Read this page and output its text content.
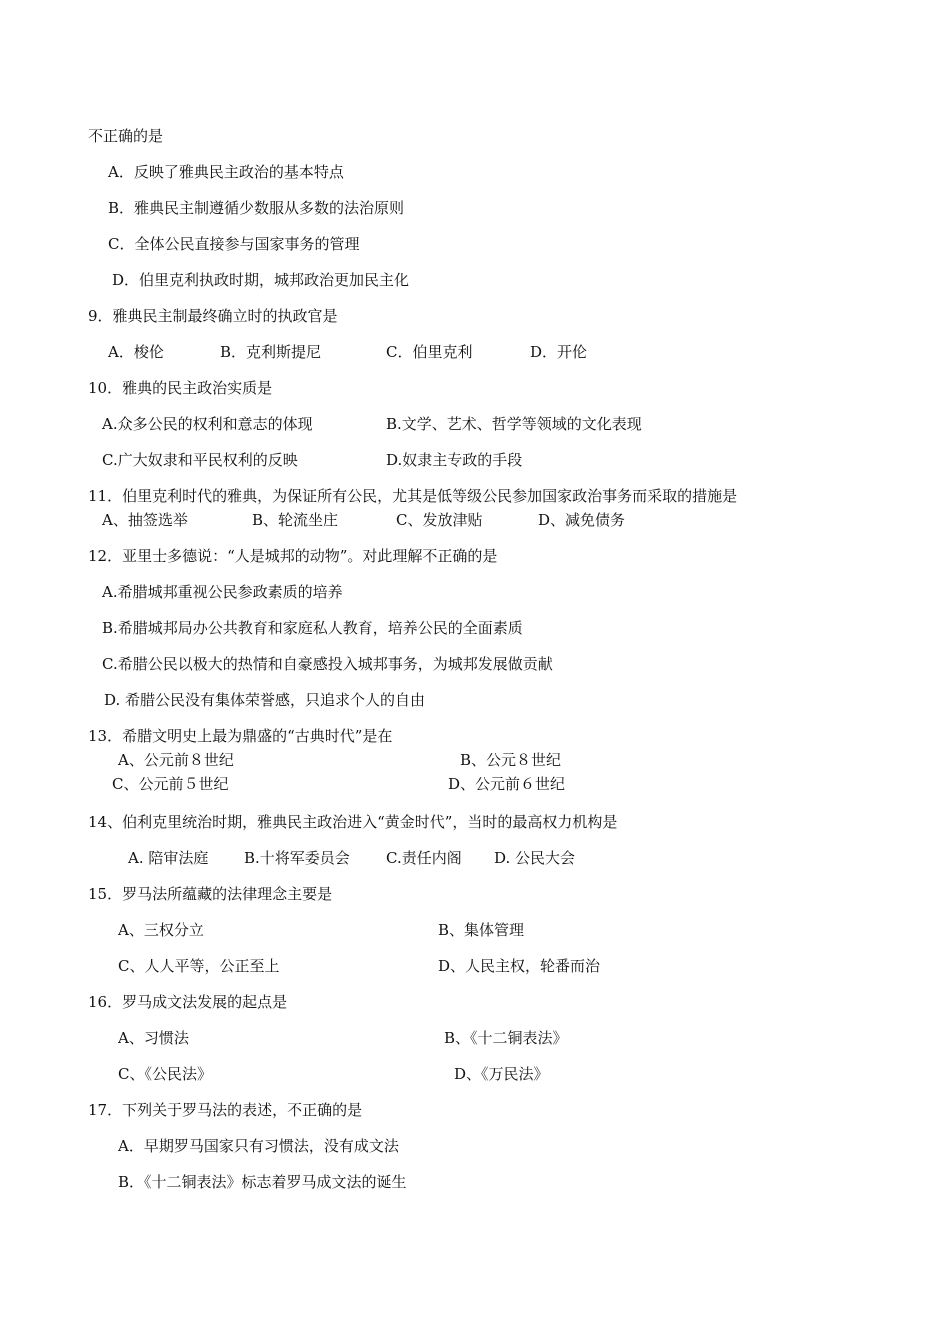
不正确的是
A．反映了雅典民主政治的基本特点
B．雅典民主制遵循少数服从多数的法治原则
C．全体公民直接参与国家事务的管理
D．伯里克利执政时期，城邦政治更加民主化
9．雅典民主制最终确立时的执政官是
A．梭伦	B．克利斯提尼	C．伯里克利	D．开伦
10．雅典的民主政治实质是
A.众多公民的权利和意志的体现	B.文学、艺术、哲学等领域的文化表现
C.广大奴隶和平民权利的反映	D.奴隶主专政的手段
11．伯里克利时代的雅典，为保证所有公民，尤其是低等级公民参加国家政治事务而采取的措施是
A、抽签选举	B、轮流坐庄	C、发放津贴	D、减免债务
12．亚里士多德说：“人是城邦的动物”。对此理解不正确的是
A.希腊城邦重视公民参政素质的培养
B.希腊城邦局办公共教育和家庭私人教育，培养公民的全面素质
C.希腊公民以极大的热情和自豪感投入城邦事务，为城邦发展做贡献
D. 希腊公民没有集体荣誉感，只追求个人的自由
13．希腊文明史上最为鼎盛的“古典时代”是在
A、公元前８世纪	B、公元８世纪
C、公元前５世纪	D、公元前６世纪
14、伯利克里统治时期，雅典民主政治进入“黄金时代”，当时的最高权力机构是
A. 陪审法庭 B.十将军委员会 C.责任内阁 D. 公民大会
15．罗马法所蕴藏的法律理念主要是
A、三权分立	B、集体管理
C、人人平等，公正至上	D、人民主权，轮番而治
16．罗马成文法发展的起点是
A、习惯法	B、《十二铜表法》
C、《公民法》	D、《万民法》
17．下列关于罗马法的表述，不正确的是
A．早期罗马国家只有习惯法，没有成文法
B．《十二铜表法》标志着罗马成文法的诞生
